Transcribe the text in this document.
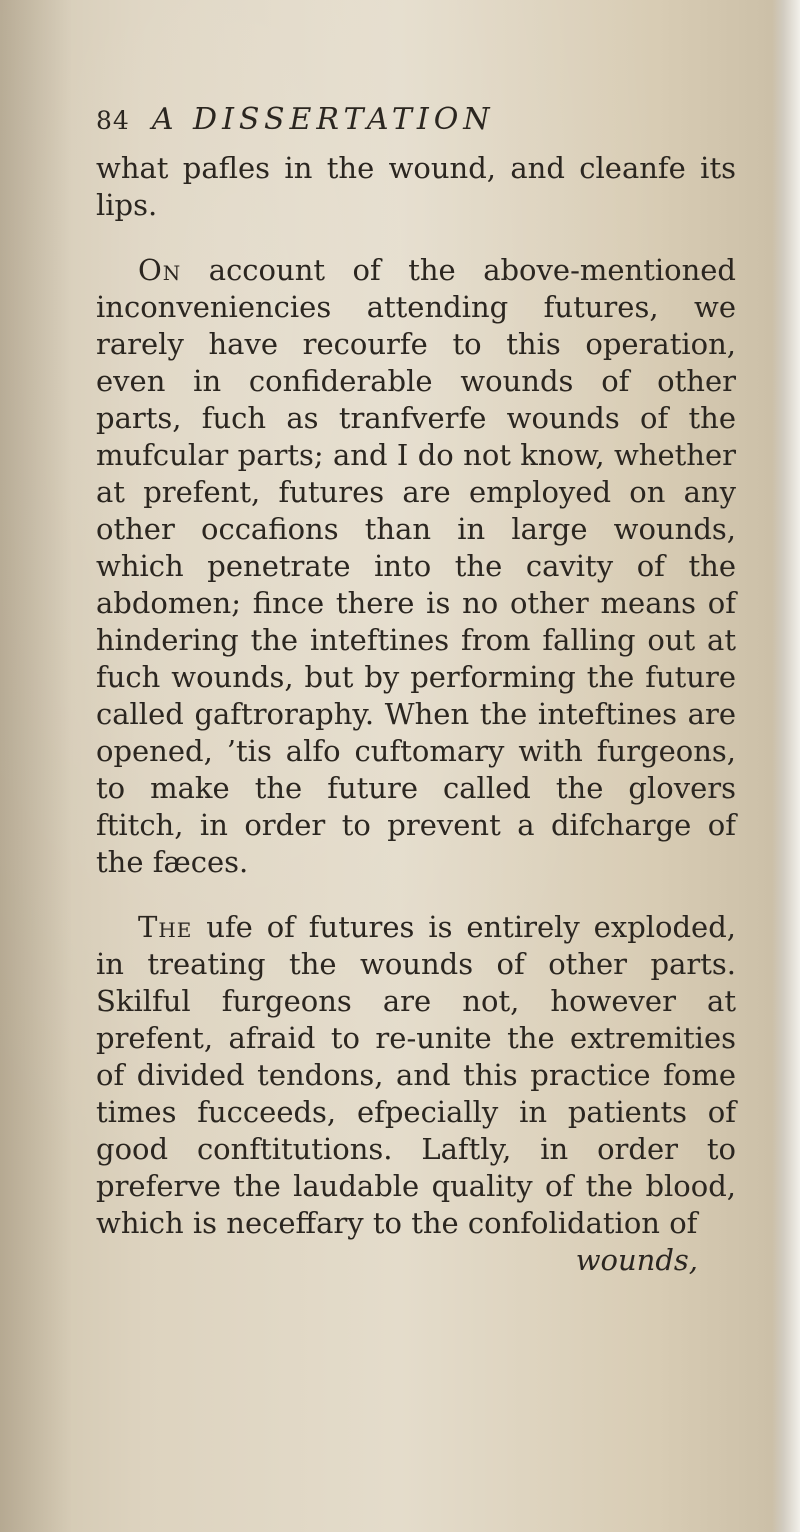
84 A DISSERTATION

what pafles in the wound, and cleanfe its lips.

On account of the above-mentioned inconveniencies attending futures, we rarely have recourfe to this operation, even in confiderable wounds of other parts, fuch as tranfverfe wounds of the mufcular parts; and I do not know, whether at prefent, futures are employed on any other occafions than in large wounds, which penetrate into the cavity of the abdomen; fince there is no other means of hindering the inteftines from falling out at fuch wounds, but by performing the future called gaftroraphy. When the inteftines are opened, ’tis alfo cuftomary with furgeons, to make the future called the glovers ftitch, in order to prevent a difcharge of the fæces.

The ufe of futures is entirely exploded, in treating the wounds of other parts. Skilful furgeons are not, however at prefent, afraid to re-unite the extremities of divided tendons, and this practice fome times fucceeds, efpecially in patients of good conftitutions. Laftly, in order to preferve the laudable quality of the blood, which is neceffary to the confolidation of

wounds,
